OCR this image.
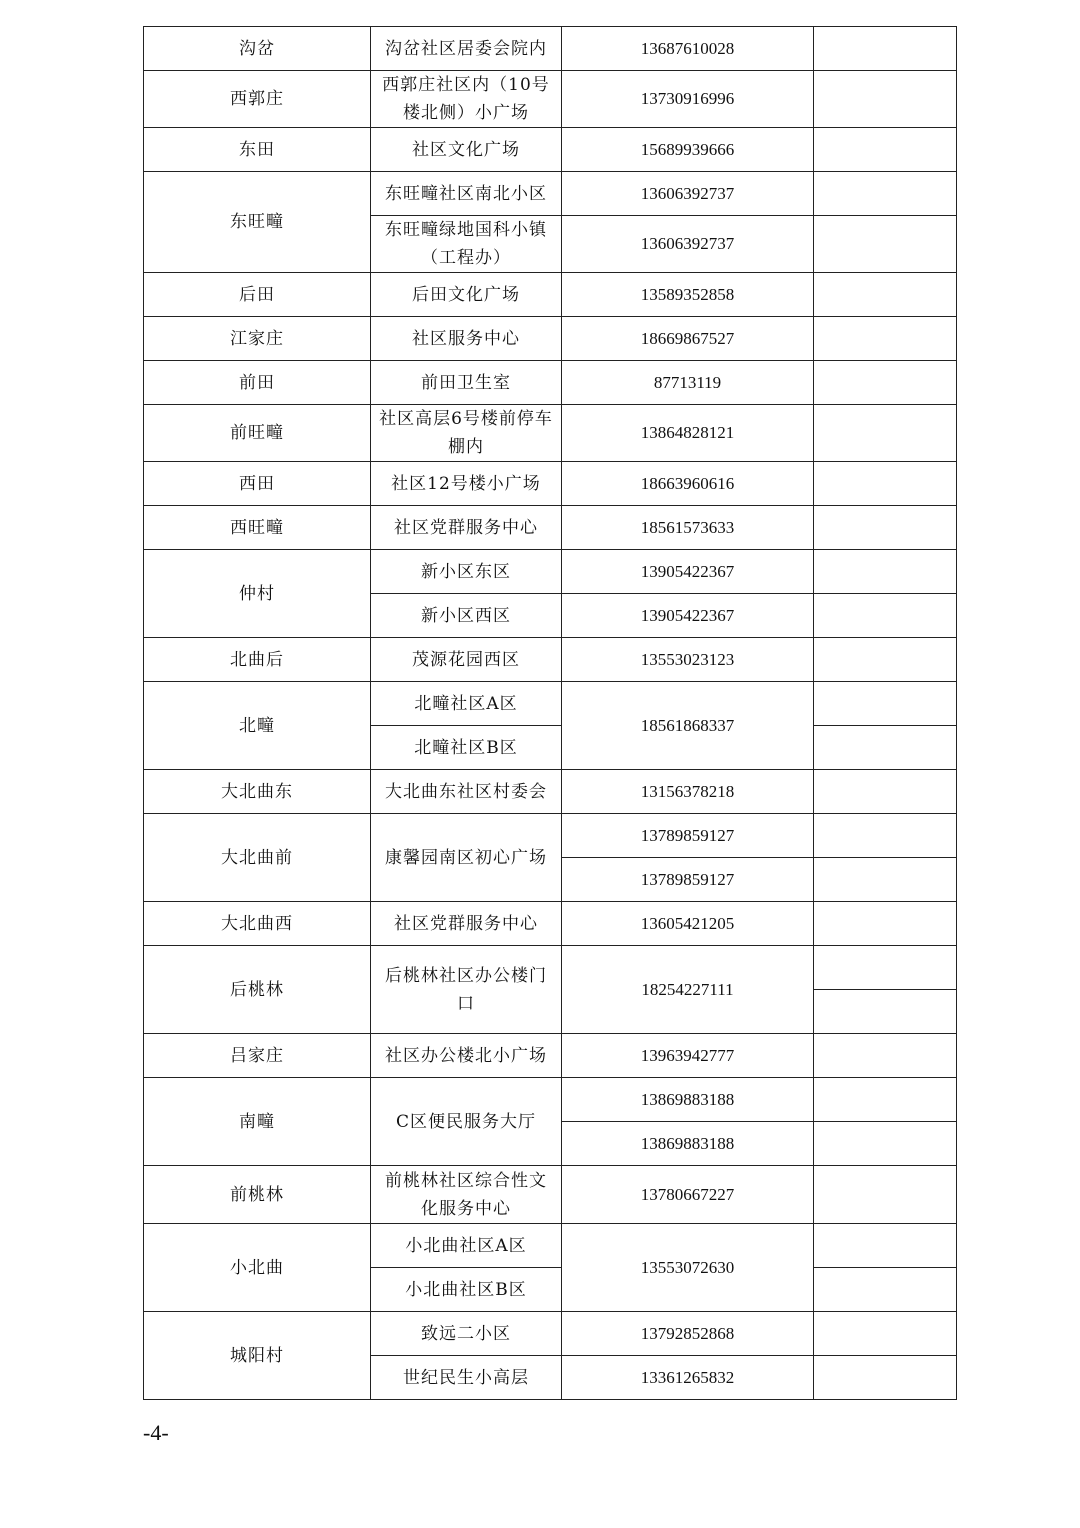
沟岔	沟岔社区居委会院内	13687610028	
西郭庄	西郭庄社区内（10号楼北侧）小广场	13730916996	
东田	社区文化广场	15689939666	
东旺疃	东旺疃社区南北小区	13606392737	
	东旺疃绿地国科小镇（工程办）	13606392737	
后田	后田文化广场	13589352858	
江家庄	社区服务中心	18669867527	
前田	前田卫生室	87713119	
前旺疃	社区高层6号楼前停车棚内	13864828121	
西田	社区12号楼小广场	18663960616	
西旺疃	社区党群服务中心	18561573633	
仲村	新小区东区	13905422367	
	新小区西区	13905422367	
北曲后	茂源花园西区	13553023123	
北疃	北疃社区A区	18561868337	
	北疃社区B区		
大北曲东	大北曲东社区村委会	13156378218	
大北曲前	康馨园南区初心广场	13789859127	
		13789859127	
大北曲西	社区党群服务中心	13605421205	
后桃林	后桃林社区办公楼门口	18254227111	

吕家庄	社区办公楼北小广场	13963942777	
南疃	C区便民服务大厅	13869883188	
		13869883188	
前桃林	前桃林社区综合性文化服务中心	13780667227	
小北曲	小北曲社区A区	13553072630	
	小北曲社区B区		
城阳村	致远二小区	13792852868	
	世纪民生小高层	13361265832	
-4-
